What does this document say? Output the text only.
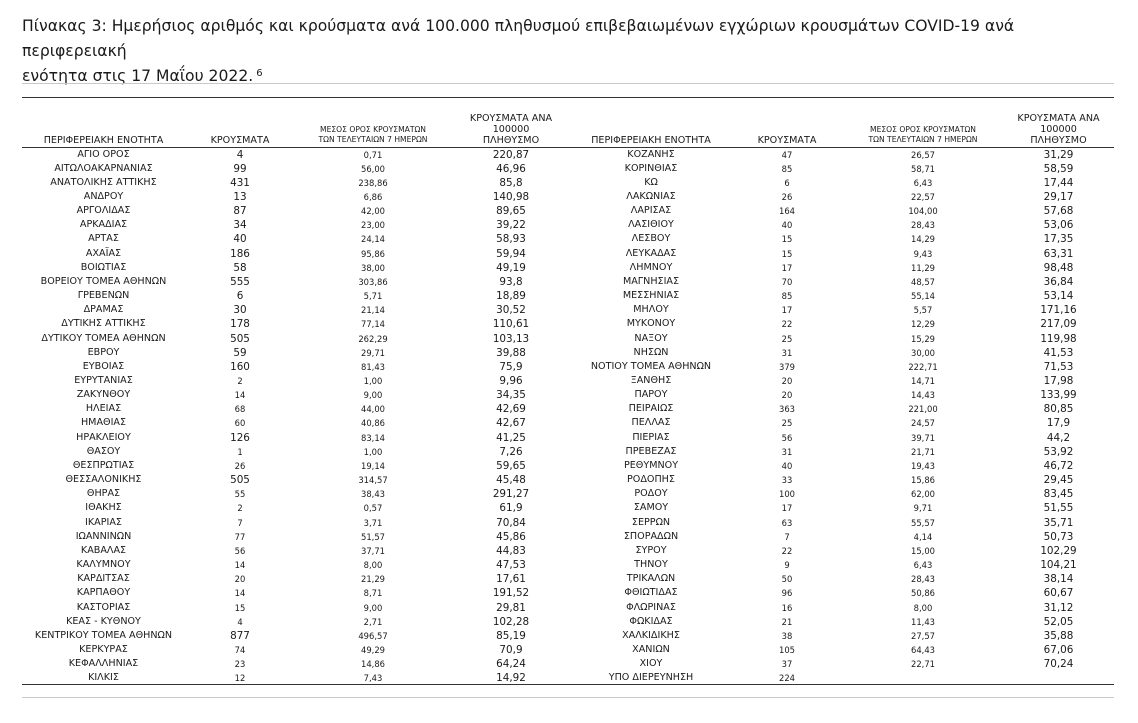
Πίνακας 3: Ημερήσιος αριθμός και κρούσματα ανά 100.000 πληθυσμού επιβεβαιωμένων εγχώριων κρουσμάτων COVID-19 ανά περιφερειακή
ενότητα στις 17 Μαΐου 2022. $^6$
ΠΕΡΙΦΕΡΕΙΑΚΗ ΕΝΟΤΗΤΑ	ΚΡΟΥΣΜΑΤΑ	ΜΕΣΟΣ ΟΡΟΣ ΚΡΟΥΣΜΑΤΩΝ
ΤΩΝ ΤΕΛΕΥΤΑΙΩΝ 7 ΗΜΕΡΩΝ	ΚΡΟΥΣΜΑΤΑ ΑΝΑ 100000
ΠΛΗΘΥΣΜΟ	ΠΕΡΙΦΕΡΕΙΑΚΗ ΕΝΟΤΗΤΑ	ΚΡΟΥΣΜΑΤΑ	ΜΕΣΟΣ ΟΡΟΣ ΚΡΟΥΣΜΑΤΩΝ
ΤΩΝ ΤΕΛΕΥΤΑΙΩΝ 7 ΗΜΕΡΩΝ	ΚΡΟΥΣΜΑΤΑ ΑΝΑ 100000
ΠΛΗΘΥΣΜΟ
ΑΓΙΟ ΟΡΟΣ	4	0,71	220,87	ΚΟΖΑΝΗΣ	47	26,57	31,29
ΑΙΤΩΛΟΑΚΑΡΝΑΝΙΑΣ	99	56,00	46,96	ΚΟΡΙΝΘΙΑΣ	85	58,71	58,59
ΑΝΑΤΟΛΙΚΗΣ ΑΤΤΙΚΗΣ	431	238,86	85,8	ΚΩ	6	6,43	17,44
ΑΝΔΡΟΥ	13	6,86	140,98	ΛΑΚΩΝΙΑΣ	26	22,57	29,17
ΑΡΓΟΛΙΔΑΣ	87	42,00	89,65	ΛΑΡΙΣΑΣ	164	104,00	57,68
ΑΡΚΑΔΙΑΣ	34	23,00	39,22	ΛΑΣΙΘΙΟΥ	40	28,43	53,06
ΑΡΤΑΣ	40	24,14	58,93	ΛΕΣΒΟΥ	15	14,29	17,35
ΑΧΑΪΑΣ	186	95,86	59,94	ΛΕΥΚΑΔΑΣ	15	9,43	63,31
ΒΟΙΩΤΙΑΣ	58	38,00	49,19	ΛΗΜΝΟΥ	17	11,29	98,48
ΒΟΡΕΙΟΥ ΤΟΜΕΑ ΑΘΗΝΩΝ	555	303,86	93,8	ΜΑΓΝΗΣΙΑΣ	70	48,57	36,84
ΓΡΕΒΕΝΩΝ	6	5,71	18,89	ΜΕΣΣΗΝΙΑΣ	85	55,14	53,14
ΔΡΑΜΑΣ	30	21,14	30,52	ΜΗΛΟΥ	17	5,57	171,16
ΔΥΤΙΚΗΣ ΑΤΤΙΚΗΣ	178	77,14	110,61	ΜΥΚΟΝΟΥ	22	12,29	217,09
ΔΥΤΙΚΟΥ ΤΟΜΕΑ ΑΘΗΝΩΝ	505	262,29	103,13	ΝΑΞΟΥ	25	15,29	119,98
ΕΒΡΟΥ	59	29,71	39,88	ΝΗΣΩΝ	31	30,00	41,53
ΕΥΒΟΙΑΣ	160	81,43	75,9	ΝΟΤΙΟΥ ΤΟΜΕΑ ΑΘΗΝΩΝ	379	222,71	71,53
ΕΥΡΥΤΑΝΙΑΣ	2	1,00	9,96	ΞΑΝΘΗΣ	20	14,71	17,98
ΖΑΚΥΝΘΟΥ	14	9,00	34,35	ΠΑΡΟΥ	20	14,43	133,99
ΗΛΕΙΑΣ	68	44,00	42,69	ΠΕΙΡΑΙΩΣ	363	221,00	80,85
ΗΜΑΘΙΑΣ	60	40,86	42,67	ΠΕΛΛΑΣ	25	24,57	17,9
ΗΡΑΚΛΕΙΟΥ	126	83,14	41,25	ΠΙΕΡΙΑΣ	56	39,71	44,2
ΘΑΣΟΥ	1	1,00	7,26	ΠΡΕΒΕΖΑΣ	31	21,71	53,92
ΘΕΣΠΡΩΤΙΑΣ	26	19,14	59,65	ΡΕΘΥΜΝΟΥ	40	19,43	46,72
ΘΕΣΣΑΛΟΝΙΚΗΣ	505	314,57	45,48	ΡΟΔΟΠΗΣ	33	15,86	29,45
ΘΗΡΑΣ	55	38,43	291,27	ΡΟΔΟΥ	100	62,00	83,45
ΙΘΑΚΗΣ	2	0,57	61,9	ΣΑΜΟΥ	17	9,71	51,55
ΙΚΑΡΙΑΣ	7	3,71	70,84	ΣΕΡΡΩΝ	63	55,57	35,71
ΙΩΑΝΝΙΝΩΝ	77	51,57	45,86	ΣΠΟΡΑΔΩΝ	7	4,14	50,73
ΚΑΒΑΛΑΣ	56	37,71	44,83	ΣΥΡΟΥ	22	15,00	102,29
ΚΑΛΥΜΝΟΥ	14	8,00	47,53	ΤΗΝΟΥ	9	6,43	104,21
ΚΑΡΔΙΤΣΑΣ	20	21,29	17,61	ΤΡΙΚΑΛΩΝ	50	28,43	38,14
ΚΑΡΠΑΘΟΥ	14	8,71	191,52	ΦΘΙΩΤΙΔΑΣ	96	50,86	60,67
ΚΑΣΤΟΡΙΑΣ	15	9,00	29,81	ΦΛΩΡΙΝΑΣ	16	8,00	31,12
ΚΕΑΣ - ΚΥΘΝΟΥ	4	2,71	102,28	ΦΩΚΙΔΑΣ	21	11,43	52,05
ΚΕΝΤΡΙΚΟΥ ΤΟΜΕΑ ΑΘΗΝΩΝ	877	496,57	85,19	ΧΑΛΚΙΔΙΚΗΣ	38	27,57	35,88
ΚΕΡΚΥΡΑΣ	74	49,29	70,9	ΧΑΝΙΩΝ	105	64,43	67,06
ΚΕΦΑΛΛΗΝΙΑΣ	23	14,86	64,24	ΧΙΟΥ	37	22,71	70,24
ΚΙΛΚΙΣ	12	7,43	14,92	ΥΠΟ ΔΙΕΡΕΥΝΗΣΗ	224		
